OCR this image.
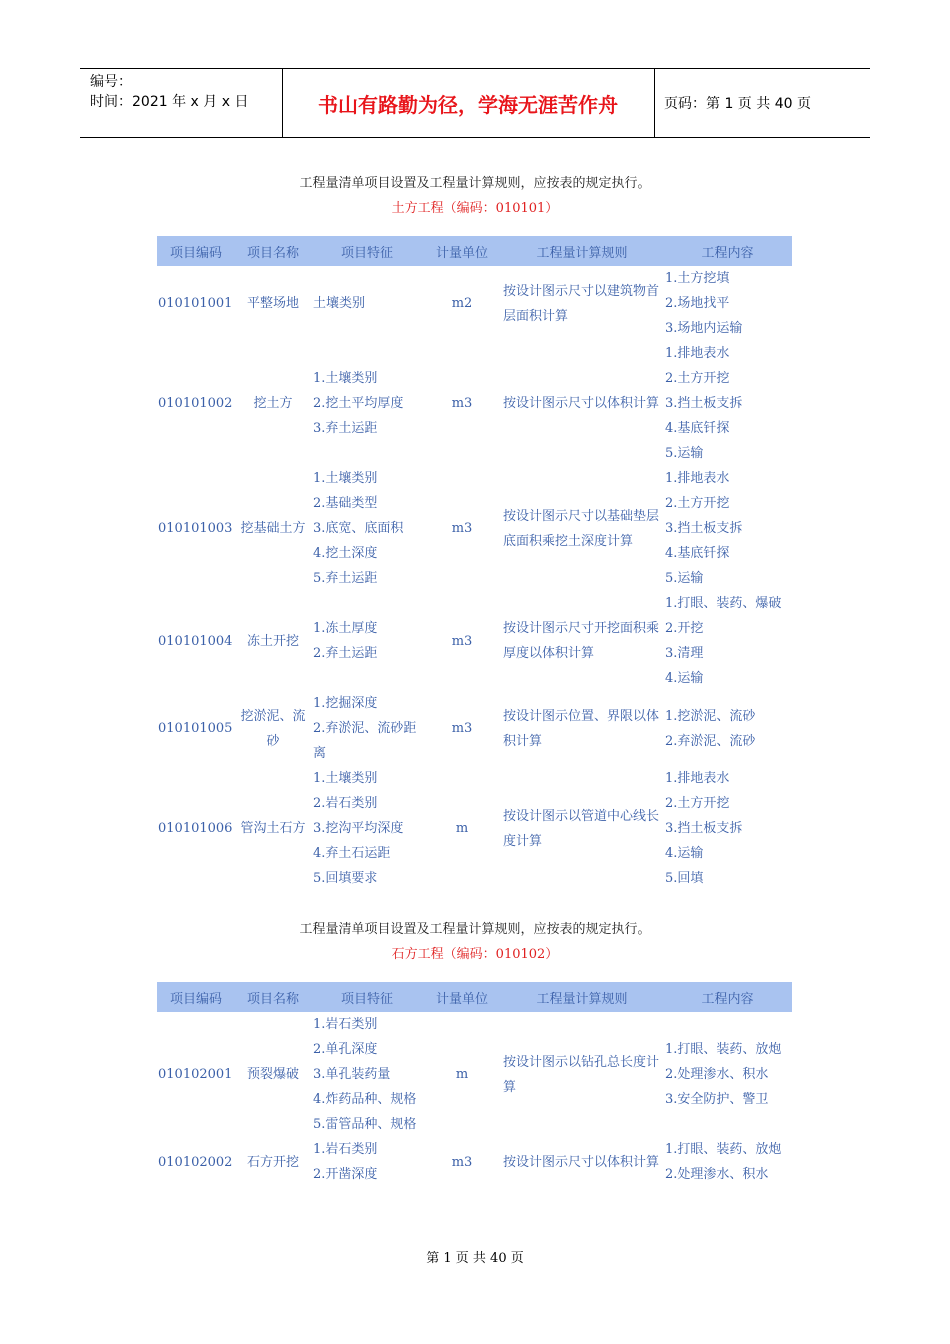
编号：
时间：2021 年 x 月 x 日	书山有路勤为径，学海无涯苦作舟	页码：第 1 页 共 40 页
工程量清单项目设置及工程量计算规则，应按表的规定执行。
土方工程（编码：010101）
项目编码	项目名称	项目特征	计量单位	工程量计算规则	工程内容
010101001	平整场地	土壤类别	m2	按设计图示尺寸以建筑物首层面积计算	1.土方挖填
2.场地找平
3.场地内运输

010101002	挖土方	1.土壤类别
2.挖土平均厚度
3.弃土运距	m3	按设计图示尺寸以体积计算	1.排地表水
2.土方开挖
3.挡土板支拆
4.基底钎探
5.运输

010101003	挖基础土方	1.土壤类别
2.基础类型
3.底宽、底面积
4.挖土深度
5.弃土运距	m3	按设计图示尺寸以基础垫层底面积乘挖土深度计算	1.排地表水
2.土方开挖
3.挡土板支拆
4.基底钎探
5.运输

010101004	冻土开挖	1.冻土厚度
2.弃土运距	m3	按设计图示尺寸开挖面积乘厚度以体积计算	1.打眼、装药、爆破
2.开挖
3.清理
4.运输

010101005	挖淤泥、流砂	1.挖掘深度
2.弃淤泥、流砂距离	m3	按设计图示位置、界限以体积计算	1.挖淤泥、流砂
2.弃淤泥、流砂

010101006	管沟土石方	1.土壤类别
2.岩石类别
3.挖沟平均深度
4.弃土石运距
5.回填要求	m	按设计图示以管道中心线长度计算	1.排地表水
2.土方开挖
3.挡土板支拆
4.运输
5.回填
工程量清单项目设置及工程量计算规则，应按表的规定执行。
石方工程（编码：010102）
项目编码	项目名称	项目特征	计量单位	工程量计算规则	工程内容
010102001	预裂爆破	1.岩石类别
2.单孔深度
3.单孔装药量
4.炸药品种、规格
5.雷管品种、规格	m	按设计图示以钻孔总长度计算	1.打眼、装药、放炮
2.处理渗水、积水
3.安全防护、警卫

010102002	石方开挖	1.岩石类别
2.开凿深度	m3	按设计图示尺寸以体积计算	1.打眼、装药、放炮
2.处理渗水、积水
第 1 页 共 40 页
